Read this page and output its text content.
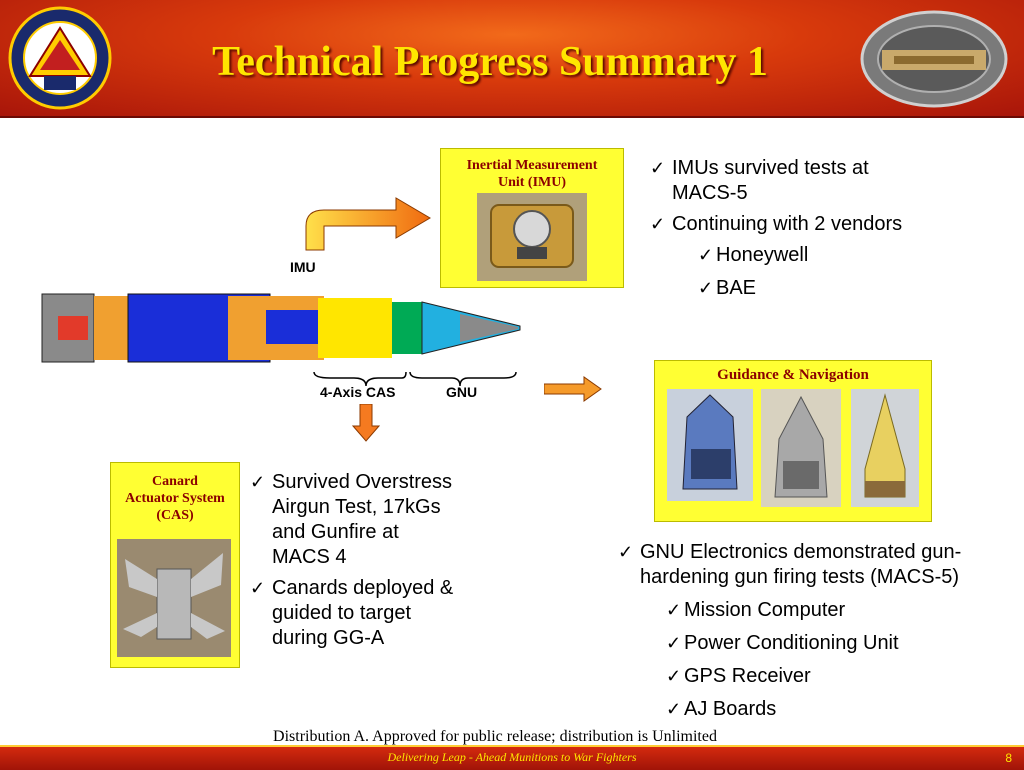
Technical Progress Summary 1
IMU
4-Axis CAS	GNU
Inertial Measurement
Unit (IMU)
✓ IMUs survived tests at
MACS-5
✓ Continuing with 2 vendors
✓ Honeywell
✓ BAE
Guidance & Navigation
Canard
Actuator System
(CAS)
✓ Survived Overstress
Airgun Test, 17kGs
and Gunfire at
MACS 4
✓ Canards deployed &
guided to target
during GG-A
✓ GNU Electronics demonstrated gun-
hardening gun firing tests (MACS-5)
✓ Mission Computer
✓ Power Conditioning Unit
✓ GPS Receiver
✓ AJ Boards
Distribution A. Approved for public release; distribution is Unlimited
Delivering Leap - Ahead Munitions to War Fighters	8
